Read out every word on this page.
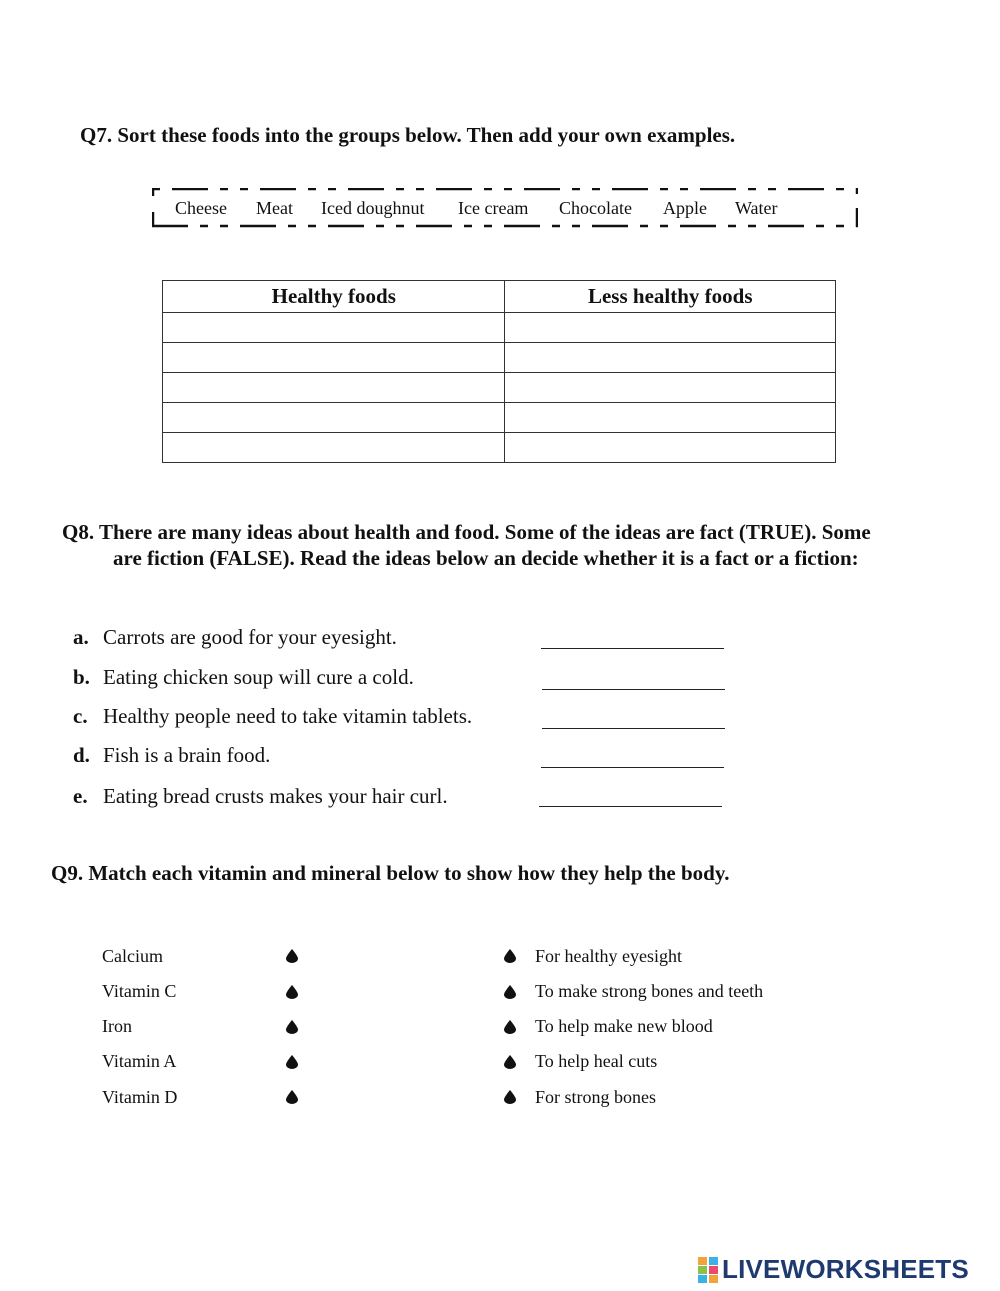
Q7. Sort these foods into the groups below. Then add your own examples.
Cheese Meat Iced doughnut Ice cream Chocolate Apple Water
Healthy foods	Less healthy foods

Q8. There are many ideas about health and food. Some of the ideas are fact (TRUE). Some
are fiction (FALSE). Read the ideas below an decide whether it is a fact or a fiction:
a. Carrots are good for your eyesight.
b. Eating chicken soup will cure a cold.
c. Healthy people need to take vitamin tablets.
d. Fish is a brain food.
e. Eating bread crusts makes your hair curl.
Q9. Match each vitamin and mineral below to show how they help the body.
Calcium
Vitamin C
Iron
Vitamin A
Vitamin D
For healthy eyesight
To make strong bones and teeth
To help make new blood
To help heal cuts
For strong bones
LIVEWORKSHEETS
